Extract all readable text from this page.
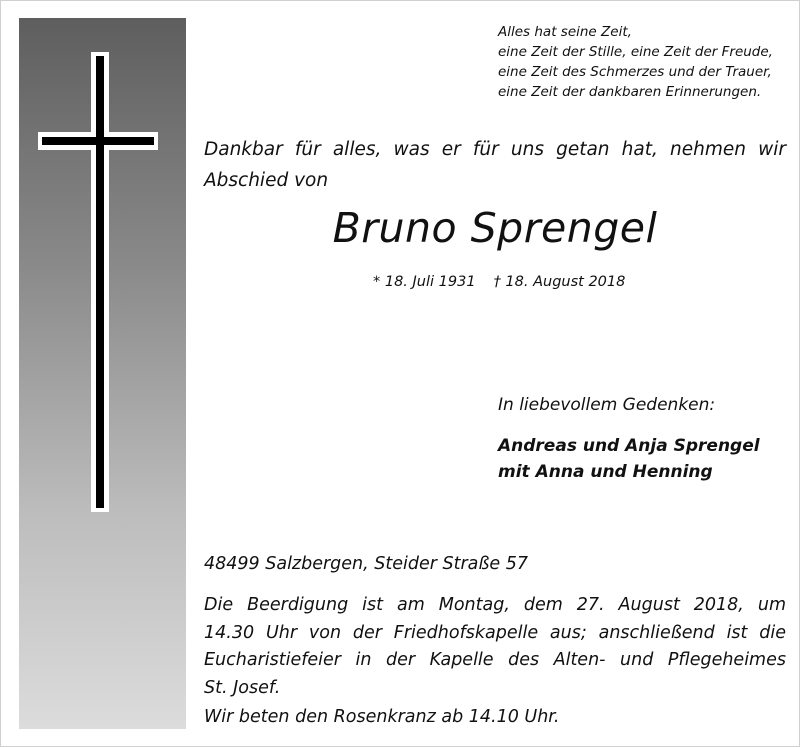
Alles hat seine Zeit,
eine Zeit der Stille, eine Zeit der Freude,
eine Zeit des Schmerzes und der Trauer,
eine Zeit der dankbaren Erinnerungen.
Dankbar für alles, was er für uns getan hat, nehmen wir
Abschied von
Bruno Sprengel
* 18. Juli 1931 † 18. August 2018
In liebevollem Gedenken:
Andreas und Anja Sprengel
mit Anna und Henning
48499 Salzbergen, Steider Straße 57
Die Beerdigung ist am Montag, dem 27. August 2018, um
14.30 Uhr von der Friedhofskapelle aus; anschließend ist die
Eucharistiefeier in der Kapelle des Alten- und Pflegeheimes
St. Josef.
Wir beten den Rosenkranz ab 14.10 Uhr.
